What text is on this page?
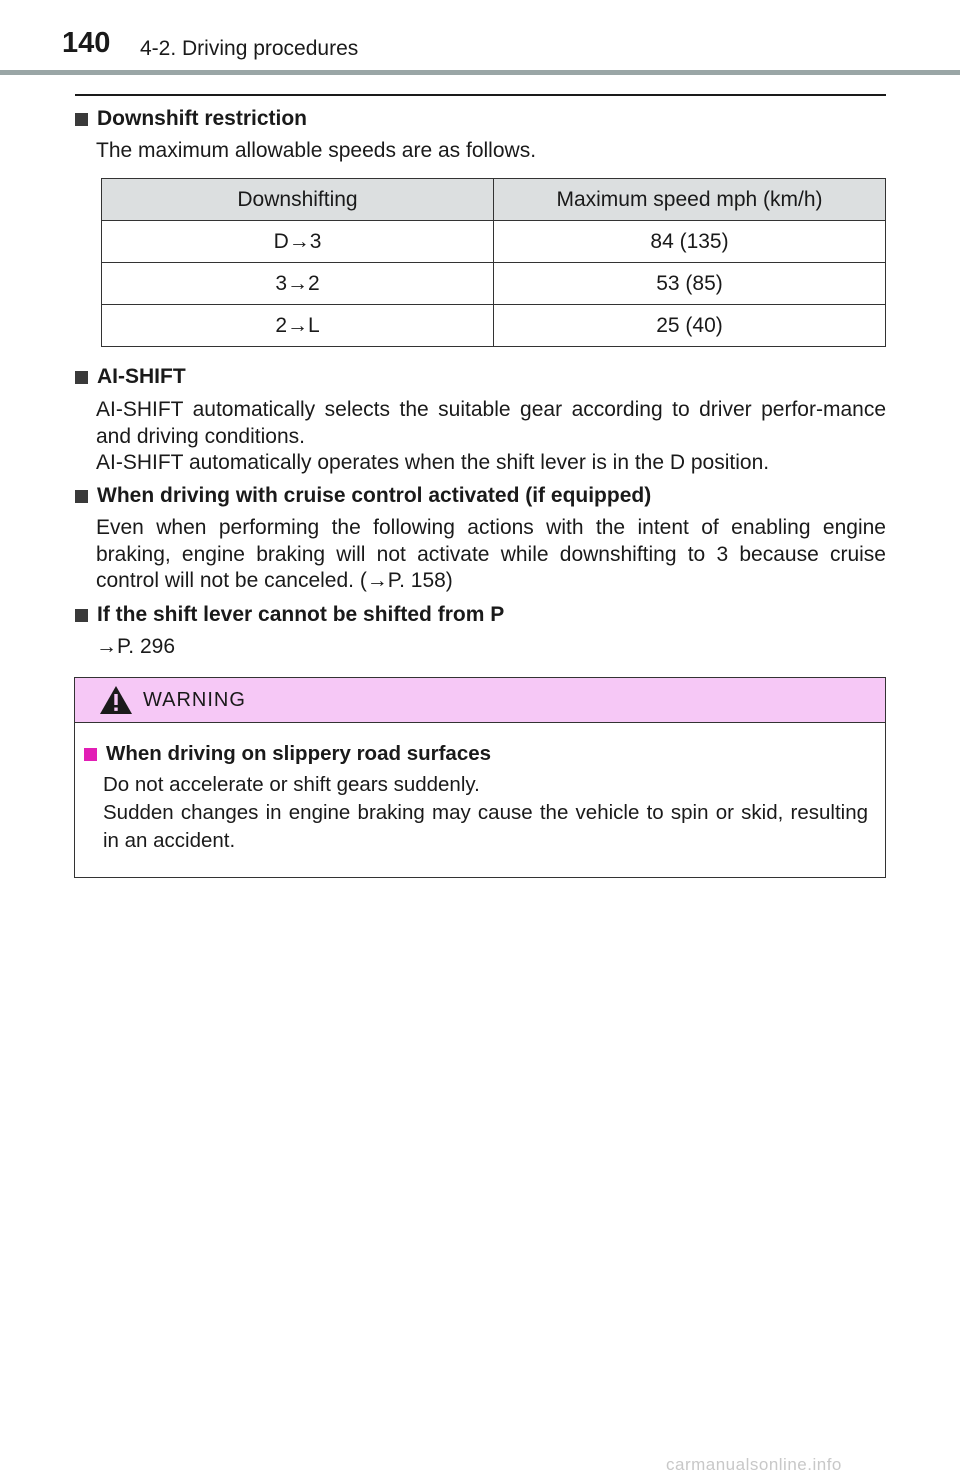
140 4-2. Driving procedures
Downshift restriction

The maximum allowable speeds are as follows.

Downshifting	Maximum speed mph (km/h)
D→3	84 (135)
3→2	53 (85)
2→L	25 (40)
AI-SHIFT

AI-SHIFT automatically selects the suitable gear according to driver perfor-mance and driving conditions.

AI-SHIFT automatically operates when the shift lever is in the D position.

When driving with cruise control activated (if equipped)

Even when performing the following actions with the intent of enabling engine braking, engine braking will not activate while downshifting to 3 because cruise control will not be canceled. (→P. 158)

If the shift lever cannot be shifted from P
→P. 296
WARNING
When driving on slippery road surfaces

Do not accelerate or shift gears suddenly.

Sudden changes in engine braking may cause the vehicle to spin or skid, resulting in an accident.

carmanualsonline.info
